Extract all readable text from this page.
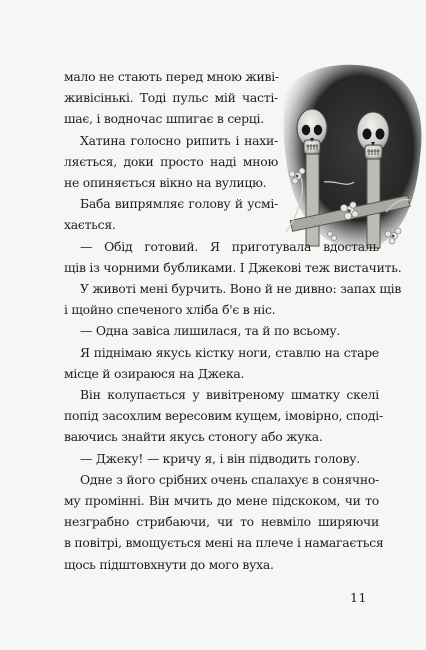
мало не стають перед мною живі-
живісінькі. Тоді пульс мій часті-
шає, і водночас шпигає в серці.

Хатина голосно рипить і нахи-
ляється, доки просто наді мною
не опиняється вікно на вулицю.
Баба випрямляє голову й усмі-
хається.

— Обід готовий. Я приготувала вдосталь
щів із чорними бубликами. І Джекові теж вистачить.

У животі мені бурчить. Воно й не дивно: запах щів
і щойно спеченого хліба б'є в ніс.

— Одна завіса лишилася, та й по всьому.

Я піднімаю якусь кістку ноги, ставлю на старе
місце й озираюся на Джека.

Він колупається у вивітреному шматку скелі
попід засохлим вересовим кущем, імовірно, споді-
ваючись знайти якусь стоногу або жука.

— Джеку! — кричу я, і він підводить голову.

Одне з його срібних очень спалахує в сонячно-
му промінні. Він мчить до мене підскоком, чи то
незграбно стрибаючи, чи то невміло ширяючи
в повітрі, вмощується мені на плече і намагається
щось підштовхнути до мого вуха.

11
